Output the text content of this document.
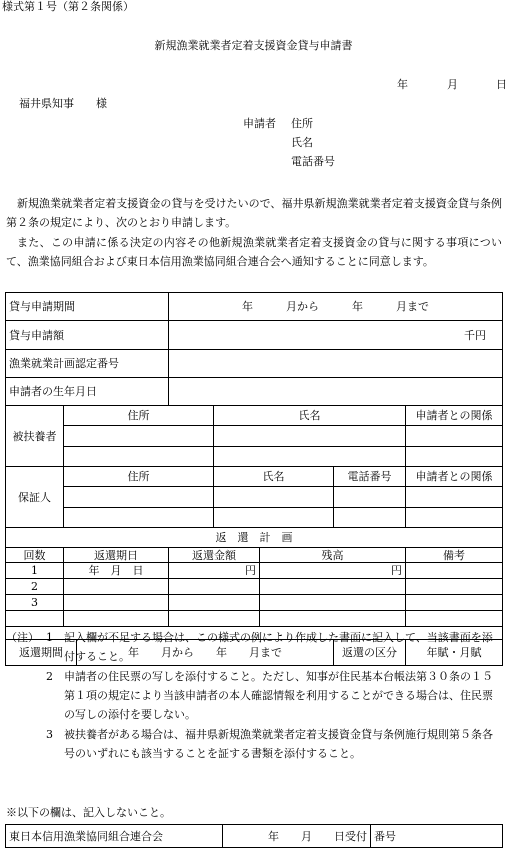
様式第１号（第２条関係）
新規漁業就業者定着支援資金貸与申請書
年	月	日
福井県知事　　様
申請者 住所
氏名
電話番号
新規漁業就業者定着支援資金の貸与を受けたいので、福井県新規漁業就業者定着支援資金貸与条例第２条の規定により、次のとおり申請します。
また、この申請に係る決定の内容その他新規漁業就業者定着支援資金の貸与に関する事項について、漁業協同組合および東日本信用漁業協同組合連合会へ通知することに同意します。
貸与申請期間			年　　　月から　　　年　　　月まで				
貸与申請額			千円				
漁業就業計画認定番号							
申請者の生年月日							
被扶養者	住所			氏名			申請者との関係

保証人	住所			氏名		電話番号	申請者との関係

返　還　計　画							
回数	返還期日		返還金額		残高		備考
1	年　月　日		円		円		
2							
3							

返還期間		年　　月から　　年　　月まで				返還の区分	年賦・月賦
（注） 1 記入欄が不足する場合は、この様式の例により作成した書面に記入して、当該書面を添付すること。
2 申請者の住民票の写しを添付すること。ただし、知事が住民基本台帳法第３０条の１５第１項の規定により当該申請者の本人確認情報を利用することができる場合は、住民票の写しの添付を要しない。
3 被扶養者がある場合は、福井県新規漁業就業者定着支援資金貸与条例施行規則第５条各号のいずれにも該当することを証する書類を添付すること。
※以下の欄は、記入しないこと。
東日本信用漁業協同組合連合会	年　　月　　日受付	番号
